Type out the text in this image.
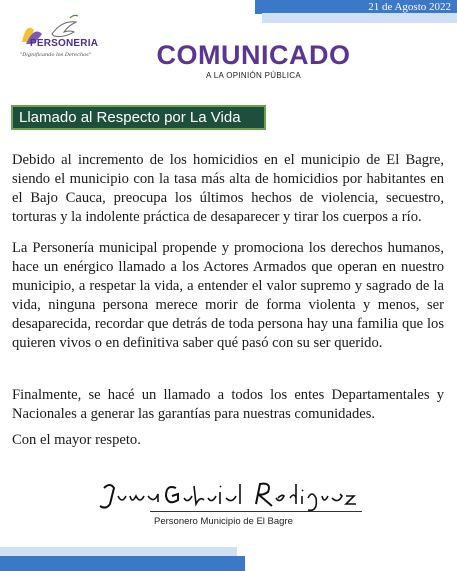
21 de Agosto 2022
PERSONERIA
"Dignificando los Derechos"	COMUNICADO
A LA OPINIÓN PÚBLICA
Llamado al Respecto por La Vida

Debido al incremento de los homicidios en el municipio de El Bagre, siendo el municipio con la tasa más alta de homicidios por habitantes en el Bajo Cauca, preocupa los últimos hechos de violencia, secuestro, torturas y la indolente práctica de desaparecer y tirar los cuerpos a río.

La Personería municipal propende y promociona los derechos humanos, hace un enérgico llamado a los Actores Armados que operan en nuestro municipio, a respetar la vida, a entender el valor supremo y sagrado de la vida, ninguna persona merece morir de forma violenta y menos, ser desaparecida, recordar que detrás de toda persona hay una familia que los quieren vivos o en definitiva saber qué pasó con su ser querido.

Finalmente, se hacé un llamado a todos los entes Departamentales y Nacionales a generar las garantías para nuestras comunidades.

Con el mayor respeto.

Personero Municipio de El Bagre
